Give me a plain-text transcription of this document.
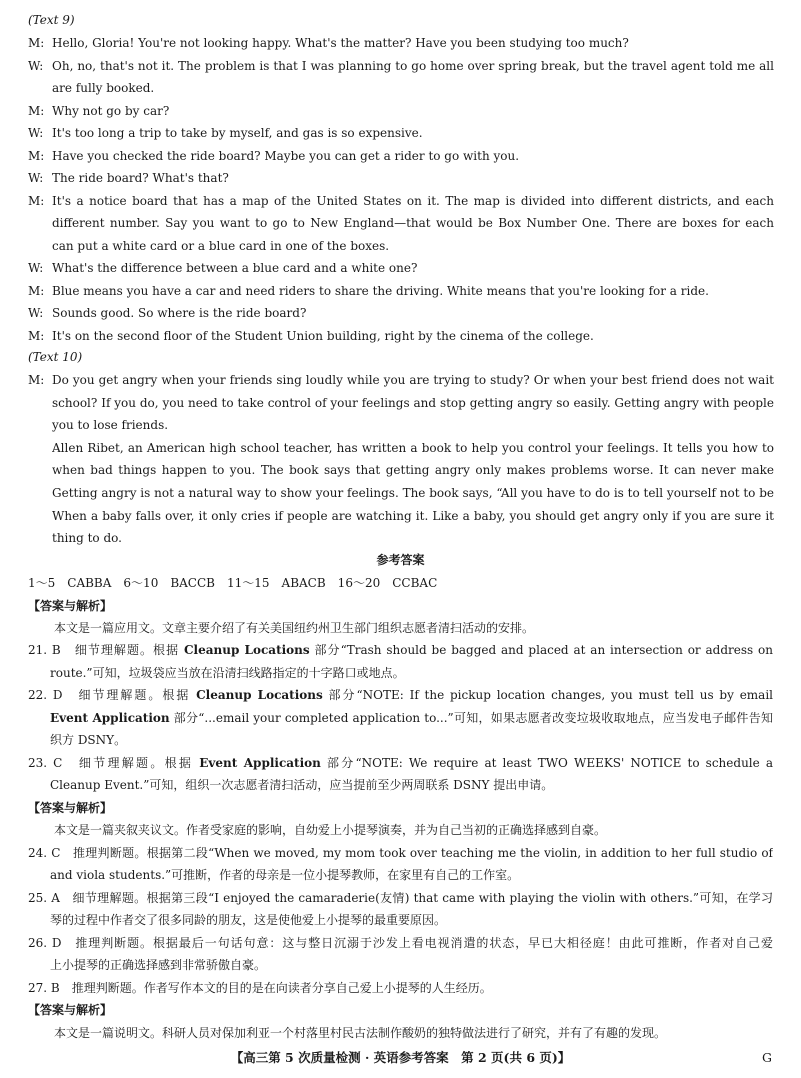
(Text 9)
M: Hello, Gloria! You're not looking happy. What's the matter? Have you been studying too much?
W: Oh, no, that's not it. The problem is that I was planning to go home over spring break, but the travel agent told me all
are fully booked.
M: Why not go by car?
W: It's too long a trip to take by myself, and gas is so expensive.
M: Have you checked the ride board? Maybe you can get a rider to go with you.
W: The ride board? What's that?
M: It's a notice board that has a map of the United States on it. The map is divided into different districts, and each
different number. Say you want to go to New England—that would be Box Number One. There are boxes for each
can put a white card or a blue card in one of the boxes.
W: What's the difference between a blue card and a white one?
M: Blue means you have a car and need riders to share the driving. White means that you're looking for a ride.
W: Sounds good. So where is the ride board?
M: It's on the second floor of the Student Union building, right by the cinema of the college.
(Text 10)
M: Do you get angry when your friends sing loudly while you are trying to study? Or when your best friend does not wait
school? If you do, you need to take control of your feelings and stop getting angry so easily. Getting angry with people
you to lose friends.
Allen Ribet, an American high school teacher, has written a book to help you control your feelings. It tells you how to
when bad things happen to you. The book says that getting angry only makes problems worse. It can never make
Getting angry is not a natural way to show your feelings. The book says, “All you have to do is to tell yourself not to be
When a baby falls over, it only cries if people are watching it. Like a baby, you should get angry only if you are sure it
thing to do.
参考答案
1～5　CABBA　6～10　BACCB　11～15　ABACB　16～20　CCBAC
【答案与解析】
本文是一篇应用文。文章主要介绍了有关美国纽约州卫生部门组织志愿者清扫活动的安排。
21. B　细节理解题。根据 Cleanup Locations 部分“Trash should be bagged and placed at an intersection or address on
route.”可知，垃圾袋应当放在沿清扫线路指定的十字路口或地点。
22. D　细节理解题。根据 Cleanup Locations 部分“NOTE: If the pickup location changes, you must tell us by email
Event Application 部分“...email your completed application to...”可知，如果志愿者改变垃圾收取地点，应当发电子邮件告知
织方 DSNY。
23. C　细节理解题。根据 Event Application 部分“NOTE: We require at least TWO WEEKS' NOTICE to schedule a
Cleanup Event.”可知，组织一次志愿者清扫活动，应当提前至少两周联系 DSNY 提出申请。
【答案与解析】
本文是一篇夹叙夹议文。作者受家庭的影响，自幼爱上小提琴演奏，并为自己当初的正确选择感到自豪。
24. C　推理判断题。根据第二段“When we moved, my mom took over teaching me the violin, in addition to her full studio of
and viola students.”可推断，作者的母亲是一位小提琴教师，在家里有自己的工作室。
25. A　细节理解题。根据第三段“I enjoyed the camaraderie(友情) that came with playing the violin with others.”可知，在学习
琴的过程中作者交了很多同龄的朋友，这是使他爱上小提琴的最重要原因。
26. D　推理判断题。根据最后一句话句意：这与整日沉溺于沙发上看电视消遣的状态，早已大相径庭！由此可推断，作者对自己爱
上小提琴的正确选择感到非常骄傲自豪。
27. B　推理判断题。作者写作本文的目的是在向读者分享自己爱上小提琴的人生经历。
【答案与解析】
本文是一篇说明文。科研人员对保加利亚一个村落里村民古法制作酸奶的独特做法进行了研究，并有了有趣的发现。
【高三第 5 次质量检测 · 英语参考答案　第 2 页(共 6 页)】	G
